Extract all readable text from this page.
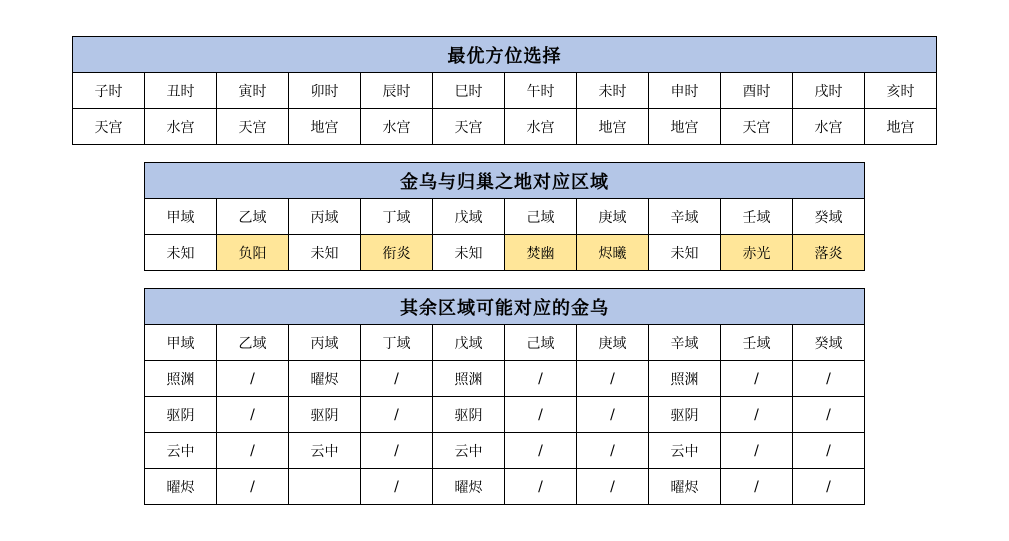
最优方位选择											
子时	丑时	寅时	卯时	辰时	巳时	午时	未时	申时	酉时	戌时	亥时
天宫	水宫	天宫	地宫	水宫	天宫	水宫	地宫	地宫	天宫	水宫	地宫
金乌与归巢之地对应区域									
甲域	乙域	丙域	丁域	戊域	己域	庚域	辛域	壬域	癸域
未知	负阳	未知	衔炎	未知	焚幽	烬曦	未知	赤光	落炎
其余区域可能对应的金乌									
甲域	乙域	丙域	丁域	戊域	己域	庚域	辛域	壬域	癸域
照渊	/	曜烬	/	照渊	/	/	照渊	/	/
驱阴	/	驱阴	/	驱阴	/	/	驱阴	/	/
云中	/	云中	/	云中	/	/	云中	/	/
曜烬	/		/	曜烬	/	/	曜烬	/	/
